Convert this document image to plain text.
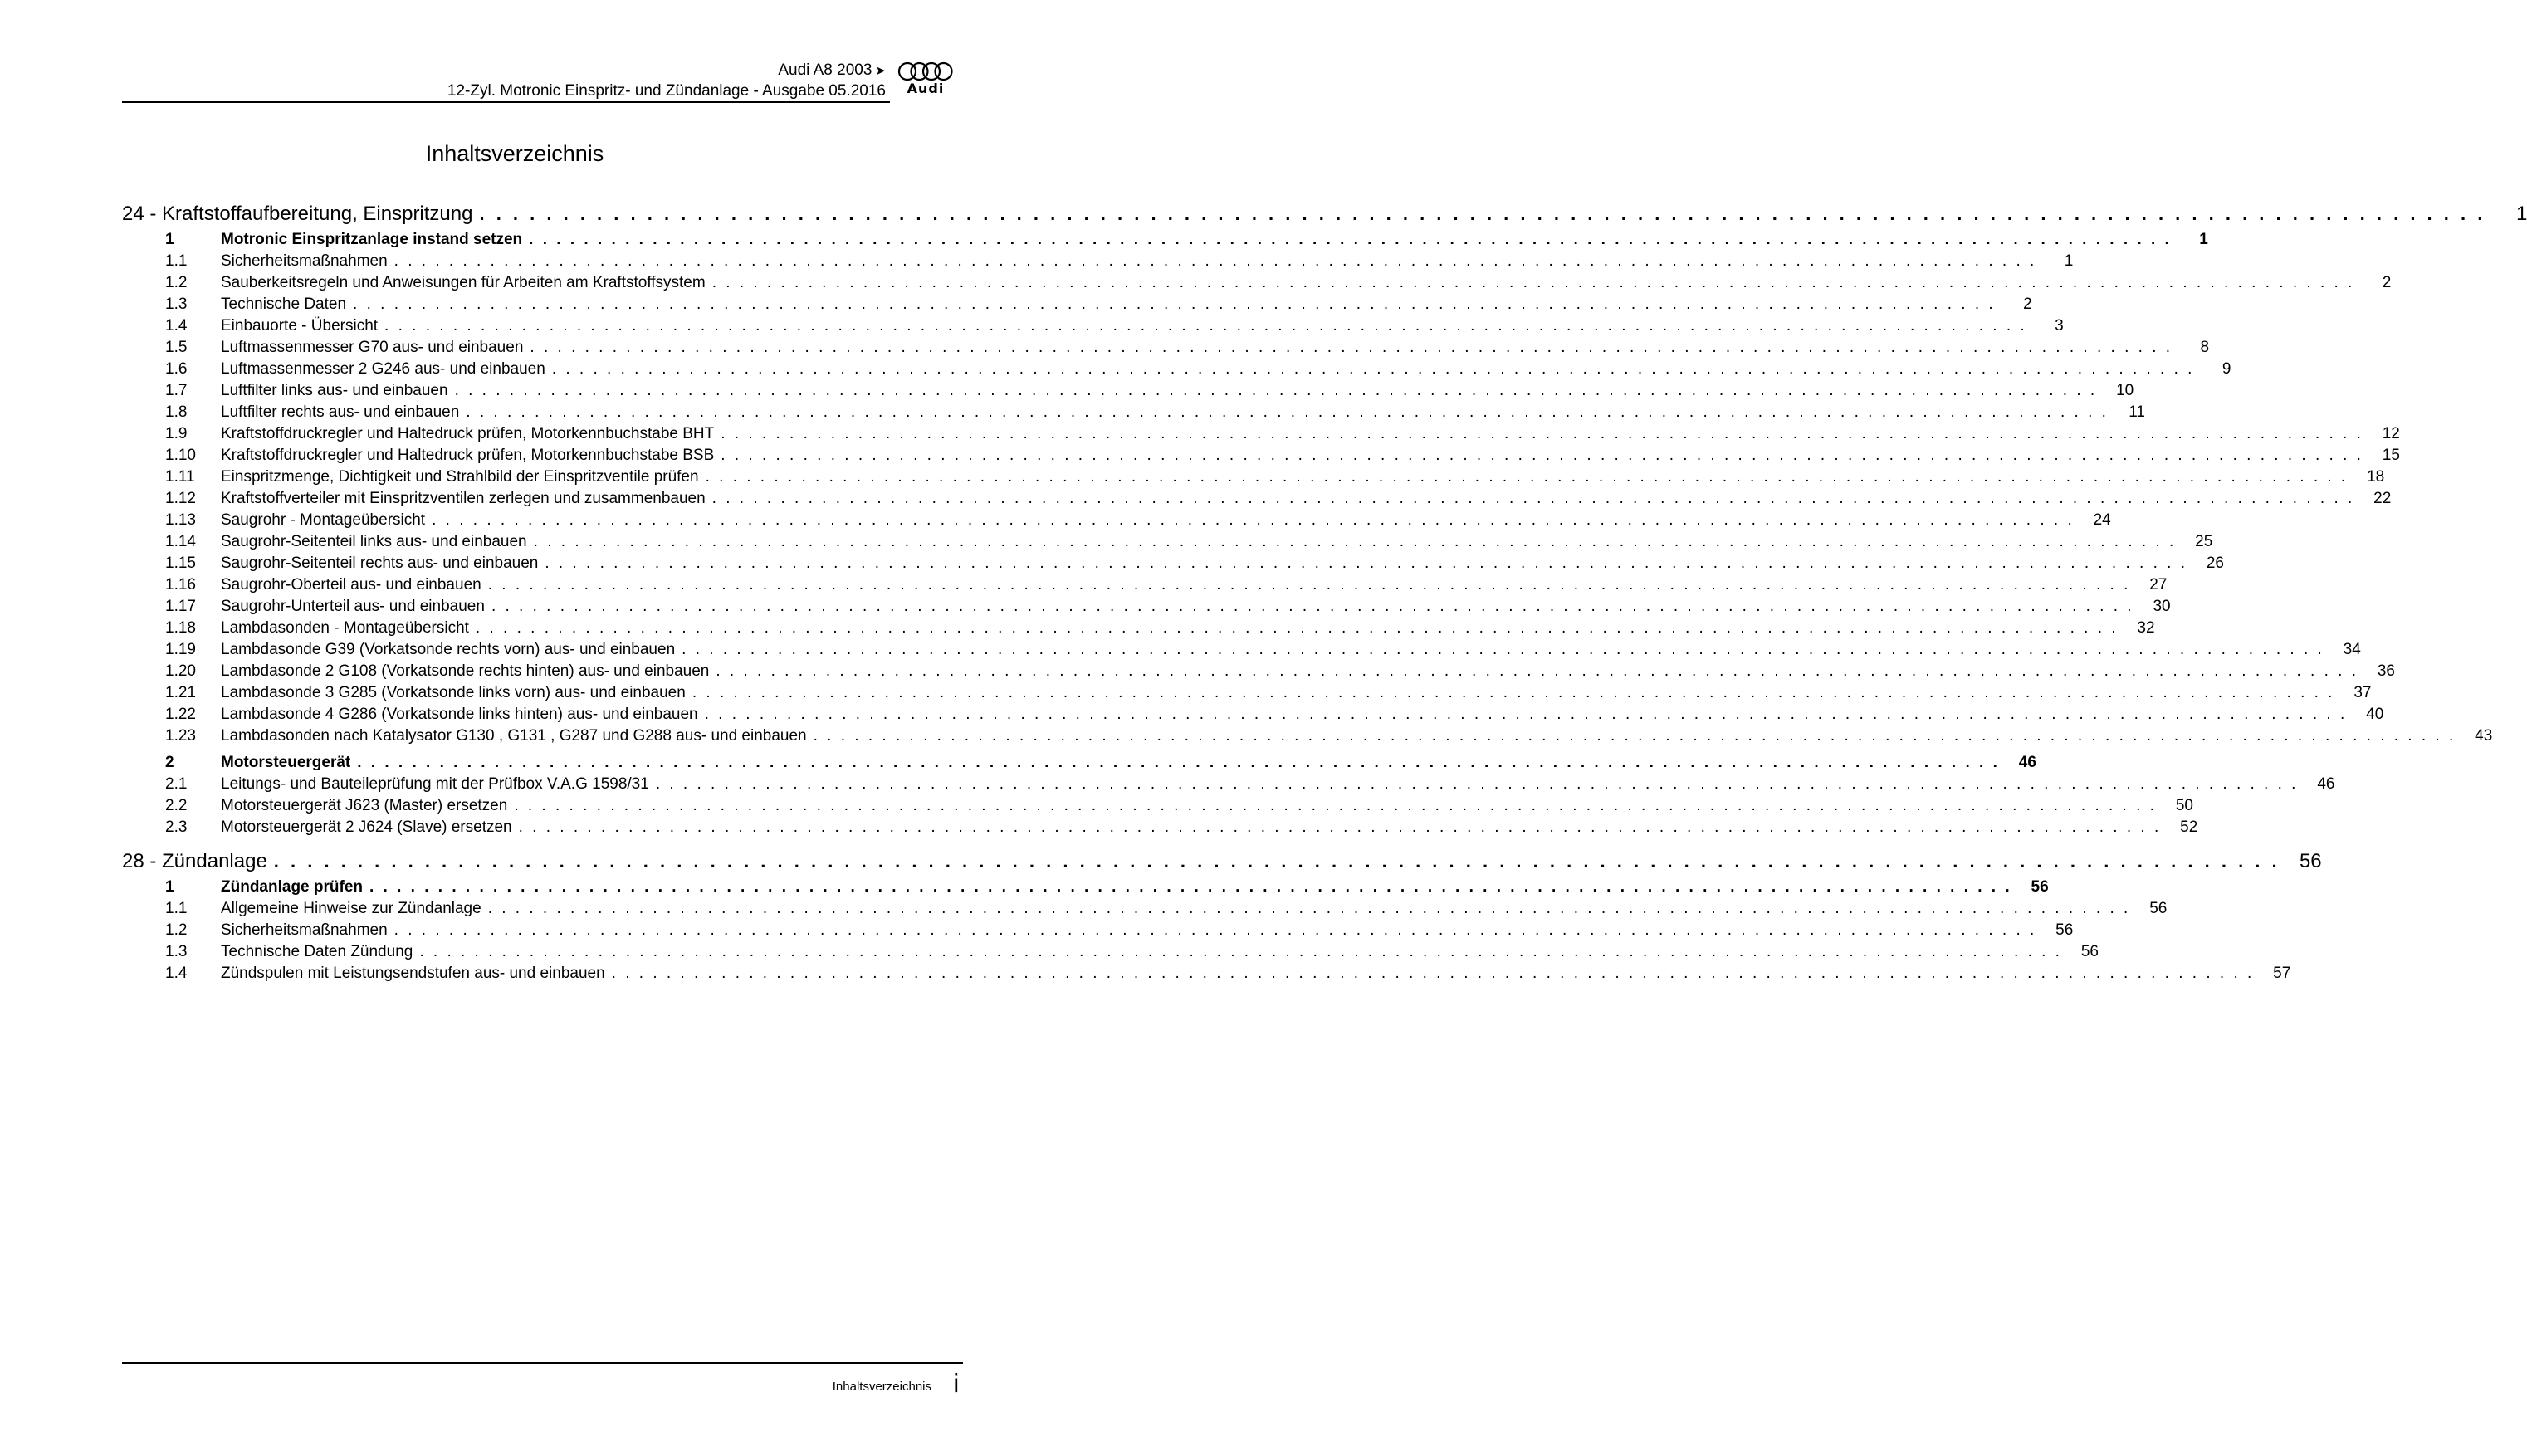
Audi A8 2003 ➤
12-Zyl. Motronic Einspritz- und Zündanlage - Ausgabe 05.2016	Audi
Inhaltsverzeichnis
24 - Kraftstoffaufbereitung, Einspritzung . . . . . . . . . . . . . . . . . . . . . . . . . . . . . . . . . . . . . . . . . . . . . . . . . . . . . . . . . . . . . . . . . . . . . . . . . . . . . . . . . . . . . . . . . . . . . . . . . . . . . . . . . . . . . . . . . . . . . . . .	1
1	Motronic Einspritzanlage instand setzen . . . . . . . . . . . . . . . . . . . . . . . . . . . . . . . . . . . . . . . . . . . . . . . . . . . . . . . . . . . . . . . . . . . . . . . . . . . . . . . . . . . . . . . . . . . . . . . . . . . . . . . . . . . . . . . . . . . . . . . .	1
1.1 Sicherheitsmaßnahmen . . . . . . . . . . . . . . . . . . . . . . . . . . . . . . . . . . . . . . . . . . . . . . . . . . . . . . . . . . . . . . . . . . . . . . . . . . . . . . . . . . . . . . . . . . . . . . . . . . . . . . . . . . . . . . . . . . . . . . . .	1
1.2 Sauberkeitsregeln und Anweisungen für Arbeiten am Kraftstoffsystem . . . . . . . . . . . . . . . . . . . . . . . . . . . . . . . . . . . . . . . . . . . . . . . . . . . . . . . . . . . . . . . . . . . . . . . . . . . . . . . . . . . . . . . . . . . . . . . . . . . . . . . . . . . . . . . . . . . . . . . .	2
1.3 Technische Daten . . . . . . . . . . . . . . . . . . . . . . . . . . . . . . . . . . . . . . . . . . . . . . . . . . . . . . . . . . . . . . . . . . . . . . . . . . . . . . . . . . . . . . . . . . . . . . . . . . . . . . . . . . . . . . . . . . . . . . . .	2
1.4 Einbauorte - Übersicht . . . . . . . . . . . . . . . . . . . . . . . . . . . . . . . . . . . . . . . . . . . . . . . . . . . . . . . . . . . . . . . . . . . . . . . . . . . . . . . . . . . . . . . . . . . . . . . . . . . . . . . . . . . . . . . . . . . . . . . .	3
1.5 Luftmassenmesser G70 aus- und einbauen . . . . . . . . . . . . . . . . . . . . . . . . . . . . . . . . . . . . . . . . . . . . . . . . . . . . . . . . . . . . . . . . . . . . . . . . . . . . . . . . . . . . . . . . . . . . . . . . . . . . . . . . . . . . . . . . . . . . . . . .	8
1.6 Luftmassenmesser 2 G246 aus- und einbauen . . . . . . . . . . . . . . . . . . . . . . . . . . . . . . . . . . . . . . . . . . . . . . . . . . . . . . . . . . . . . . . . . . . . . . . . . . . . . . . . . . . . . . . . . . . . . . . . . . . . . . . . . . . . . . . . . . . . . . . .	9
1.7 Luftfilter links aus- und einbauen . . . . . . . . . . . . . . . . . . . . . . . . . . . . . . . . . . . . . . . . . . . . . . . . . . . . . . . . . . . . . . . . . . . . . . . . . . . . . . . . . . . . . . . . . . . . . . . . . . . . . . . . . . . . . . . . . . . . . . . .	10
1.8 Luftfilter rechts aus- und einbauen . . . . . . . . . . . . . . . . . . . . . . . . . . . . . . . . . . . . . . . . . . . . . . . . . . . . . . . . . . . . . . . . . . . . . . . . . . . . . . . . . . . . . . . . . . . . . . . . . . . . . . . . . . . . . . . . . . . . . . . .	11
1.9 Kraftstoffdruckregler und Haltedruck prüfen, Motorkennbuchstabe BHT . . . . . . . . . . . . . . . . . . . . . . . . . . . . . . . . . . . . . . . . . . . . . . . . . . . . . . . . . . . . . . . . . . . . . . . . . . . . . . . . . . . . . . . . . . . . . . . . . . . . . . . . . . . . . . . . . . . . . . . .	12
1.10 Kraftstoffdruckregler und Haltedruck prüfen, Motorkennbuchstabe BSB . . . . . . . . . . . . . . . . . . . . . . . . . . . . . . . . . . . . . . . . . . . . . . . . . . . . . . . . . . . . . . . . . . . . . . . . . . . . . . . . . . . . . . . . . . . . . . . . . . . . . . . . . . . . . . . . . . . . . . . .	15
1.11 Einspritzmenge, Dichtigkeit und Strahlbild der Einspritzventile prüfen . . . . . . . . . . . . . . . . . . . . . . . . . . . . . . . . . . . . . . . . . . . . . . . . . . . . . . . . . . . . . . . . . . . . . . . . . . . . . . . . . . . . . . . . . . . . . . . . . . . . . . . . . . . . . . . . . . . . . . . .	18
1.12 Kraftstoffverteiler mit Einspritzventilen zerlegen und zusammenbauen . . . . . . . . . . . . . . . . . . . . . . . . . . . . . . . . . . . . . . . . . . . . . . . . . . . . . . . . . . . . . . . . . . . . . . . . . . . . . . . . . . . . . . . . . . . . . . . . . . . . . . . . . . . . . . . . . . . . . . . .	22
1.13 Saugrohr - Montageübersicht . . . . . . . . . . . . . . . . . . . . . . . . . . . . . . . . . . . . . . . . . . . . . . . . . . . . . . . . . . . . . . . . . . . . . . . . . . . . . . . . . . . . . . . . . . . . . . . . . . . . . . . . . . . . . . . . . . . . . . . .	24
1.14 Saugrohr-Seitenteil links aus- und einbauen . . . . . . . . . . . . . . . . . . . . . . . . . . . . . . . . . . . . . . . . . . . . . . . . . . . . . . . . . . . . . . . . . . . . . . . . . . . . . . . . . . . . . . . . . . . . . . . . . . . . . . . . . . . . . . . . . . . . . . . .	25
1.15 Saugrohr-Seitenteil rechts aus- und einbauen . . . . . . . . . . . . . . . . . . . . . . . . . . . . . . . . . . . . . . . . . . . . . . . . . . . . . . . . . . . . . . . . . . . . . . . . . . . . . . . . . . . . . . . . . . . . . . . . . . . . . . . . . . . . . . . . . . . . . . . .	26
1.16 Saugrohr-Oberteil aus- und einbauen . . . . . . . . . . . . . . . . . . . . . . . . . . . . . . . . . . . . . . . . . . . . . . . . . . . . . . . . . . . . . . . . . . . . . . . . . . . . . . . . . . . . . . . . . . . . . . . . . . . . . . . . . . . . . . . . . . . . . . . .	27
1.17 Saugrohr-Unterteil aus- und einbauen . . . . . . . . . . . . . . . . . . . . . . . . . . . . . . . . . . . . . . . . . . . . . . . . . . . . . . . . . . . . . . . . . . . . . . . . . . . . . . . . . . . . . . . . . . . . . . . . . . . . . . . . . . . . . . . . . . . . . . . .	30
1.18 Lambdasonden - Montageübersicht . . . . . . . . . . . . . . . . . . . . . . . . . . . . . . . . . . . . . . . . . . . . . . . . . . . . . . . . . . . . . . . . . . . . . . . . . . . . . . . . . . . . . . . . . . . . . . . . . . . . . . . . . . . . . . . . . . . . . . . .	32
1.19 Lambdasonde G39 (Vorkatsonde rechts vorn) aus- und einbauen . . . . . . . . . . . . . . . . . . . . . . . . . . . . . . . . . . . . . . . . . . . . . . . . . . . . . . . . . . . . . . . . . . . . . . . . . . . . . . . . . . . . . . . . . . . . . . . . . . . . . . . . . . . . . . . . . . . . . . . .	34
1.20 Lambdasonde 2 G108 (Vorkatsonde rechts hinten) aus- und einbauen . . . . . . . . . . . . . . . . . . . . . . . . . . . . . . . . . . . . . . . . . . . . . . . . . . . . . . . . . . . . . . . . . . . . . . . . . . . . . . . . . . . . . . . . . . . . . . . . . . . . . . . . . . . . . . . . . . . . . . . .	36
1.21 Lambdasonde 3 G285 (Vorkatsonde links vorn) aus- und einbauen . . . . . . . . . . . . . . . . . . . . . . . . . . . . . . . . . . . . . . . . . . . . . . . . . . . . . . . . . . . . . . . . . . . . . . . . . . . . . . . . . . . . . . . . . . . . . . . . . . . . . . . . . . . . . . . . . . . . . . . .	37
1.22 Lambdasonde 4 G286 (Vorkatsonde links hinten) aus- und einbauen . . . . . . . . . . . . . . . . . . . . . . . . . . . . . . . . . . . . . . . . . . . . . . . . . . . . . . . . . . . . . . . . . . . . . . . . . . . . . . . . . . . . . . . . . . . . . . . . . . . . . . . . . . . . . . . . . . . . . . . .	40
1.23 Lambdasonden nach Katalysator G130 , G131 , G287 und G288 aus- und einbauen . . . . . . . . . . . . . . . . . . . . . . . . . . . . . . . . . . . . . . . . . . . . . . . . . . . . . . . . . . . . . . . . . . . . . . . . . . . . . . . . . . . . . . . . . . . . . . . . . . . . . . . . . . . . . . . . . . . . . . . .	43
2	Motorsteuergerät . . . . . . . . . . . . . . . . . . . . . . . . . . . . . . . . . . . . . . . . . . . . . . . . . . . . . . . . . . . . . . . . . . . . . . . . . . . . . . . . . . . . . . . . . . . . . . . . . . . . . . . . . . . . . . . . . . . . . . . .	46
2.1 Leitungs- und Bauteileprüfung mit der Prüfbox V.A.G 1598/31 . . . . . . . . . . . . . . . . . . . . . . . . . . . . . . . . . . . . . . . . . . . . . . . . . . . . . . . . . . . . . . . . . . . . . . . . . . . . . . . . . . . . . . . . . . . . . . . . . . . . . . . . . . . . . . . . . . . . . . . .	46
2.2 Motorsteuergerät J623 (Master) ersetzen . . . . . . . . . . . . . . . . . . . . . . . . . . . . . . . . . . . . . . . . . . . . . . . . . . . . . . . . . . . . . . . . . . . . . . . . . . . . . . . . . . . . . . . . . . . . . . . . . . . . . . . . . . . . . . . . . . . . . . . .	50
2.3 Motorsteuergerät 2 J624 (Slave) ersetzen . . . . . . . . . . . . . . . . . . . . . . . . . . . . . . . . . . . . . . . . . . . . . . . . . . . . . . . . . . . . . . . . . . . . . . . . . . . . . . . . . . . . . . . . . . . . . . . . . . . . . . . . . . . . . . . . . . . . . . . .	52
28 - Zündanlage . . . . . . . . . . . . . . . . . . . . . . . . . . . . . . . . . . . . . . . . . . . . . . . . . . . . . . . . . . . . . . . . . . . . . . . . . . . . . . . . . . . . . . . . . . . . . . . . . . . . . . . . . . . . . . . . . . . . . . . . 56
1	Zündanlage prüfen . . . . . . . . . . . . . . . . . . . . . . . . . . . . . . . . . . . . . . . . . . . . . . . . . . . . . . . . . . . . . . . . . . . . . . . . . . . . . . . . . . . . . . . . . . . . . . . . . . . . . . . . . . . . . . . . . . . . . . . .	56
1.1 Allgemeine Hinweise zur Zündanlage . . . . . . . . . . . . . . . . . . . . . . . . . . . . . . . . . . . . . . . . . . . . . . . . . . . . . . . . . . . . . . . . . . . . . . . . . . . . . . . . . . . . . . . . . . . . . . . . . . . . . . . . . . . . . . . . . . . . . . . .	56
1.2 Sicherheitsmaßnahmen . . . . . . . . . . . . . . . . . . . . . . . . . . . . . . . . . . . . . . . . . . . . . . . . . . . . . . . . . . . . . . . . . . . . . . . . . . . . . . . . . . . . . . . . . . . . . . . . . . . . . . . . . . . . . . . . . . . . . . . .	56
1.3 Technische Daten Zündung . . . . . . . . . . . . . . . . . . . . . . . . . . . . . . . . . . . . . . . . . . . . . . . . . . . . . . . . . . . . . . . . . . . . . . . . . . . . . . . . . . . . . . . . . . . . . . . . . . . . . . . . . . . . . . . . . . . . . . . .	56
1.4 Zündspulen mit Leistungsendstufen aus- und einbauen . . . . . . . . . . . . . . . . . . . . . . . . . . . . . . . . . . . . . . . . . . . . . . . . . . . . . . . . . . . . . . . . . . . . . . . . . . . . . . . . . . . . . . . . . . . . . . . . . . . . . . . . . . . . . . . . . . . . . . . .	57
Inhaltsverzeichnis i
